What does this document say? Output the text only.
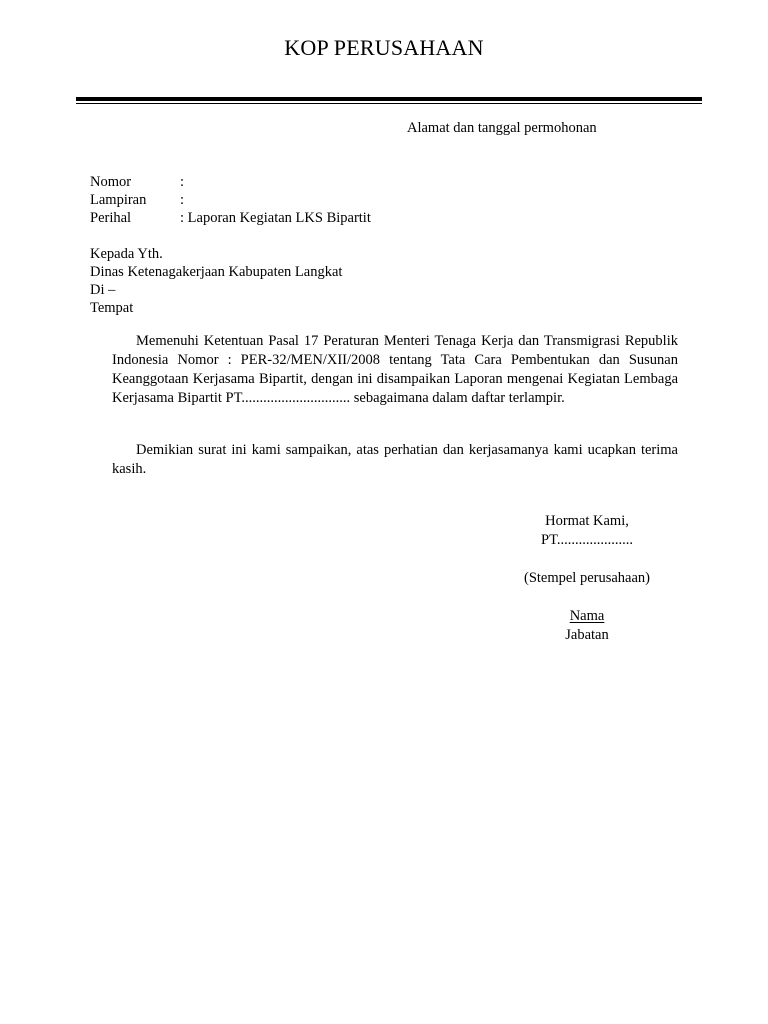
KOP PERUSAHAAN
Alamat dan tanggal permohonan
Nomor	:
Lampiran	:
Perihal	: Laporan Kegiatan LKS Bipartit
Kepada Yth.
Dinas Ketenagakerjaan Kabupaten Langkat
Di –
Tempat

Memenuhi Ketentuan Pasal 17 Peraturan Menteri Tenaga Kerja dan Transmigrasi Republik Indonesia Nomor : PER-32/MEN/XII/2008 tentang Tata Cara Pembentukan dan Susunan Keanggotaan Kerjasama Bipartit, dengan ini disampaikan Laporan mengenai Kegiatan Lembaga Kerjasama Bipartit PT.............................. sebagaimana dalam daftar terlampir.

Demikian surat ini kami sampaikan, atas perhatian dan kerjasamanya kami ucapkan terima kasih.

Hormat Kami,
PT.....................
(Stempel perusahaan)
Nama
Jabatan
